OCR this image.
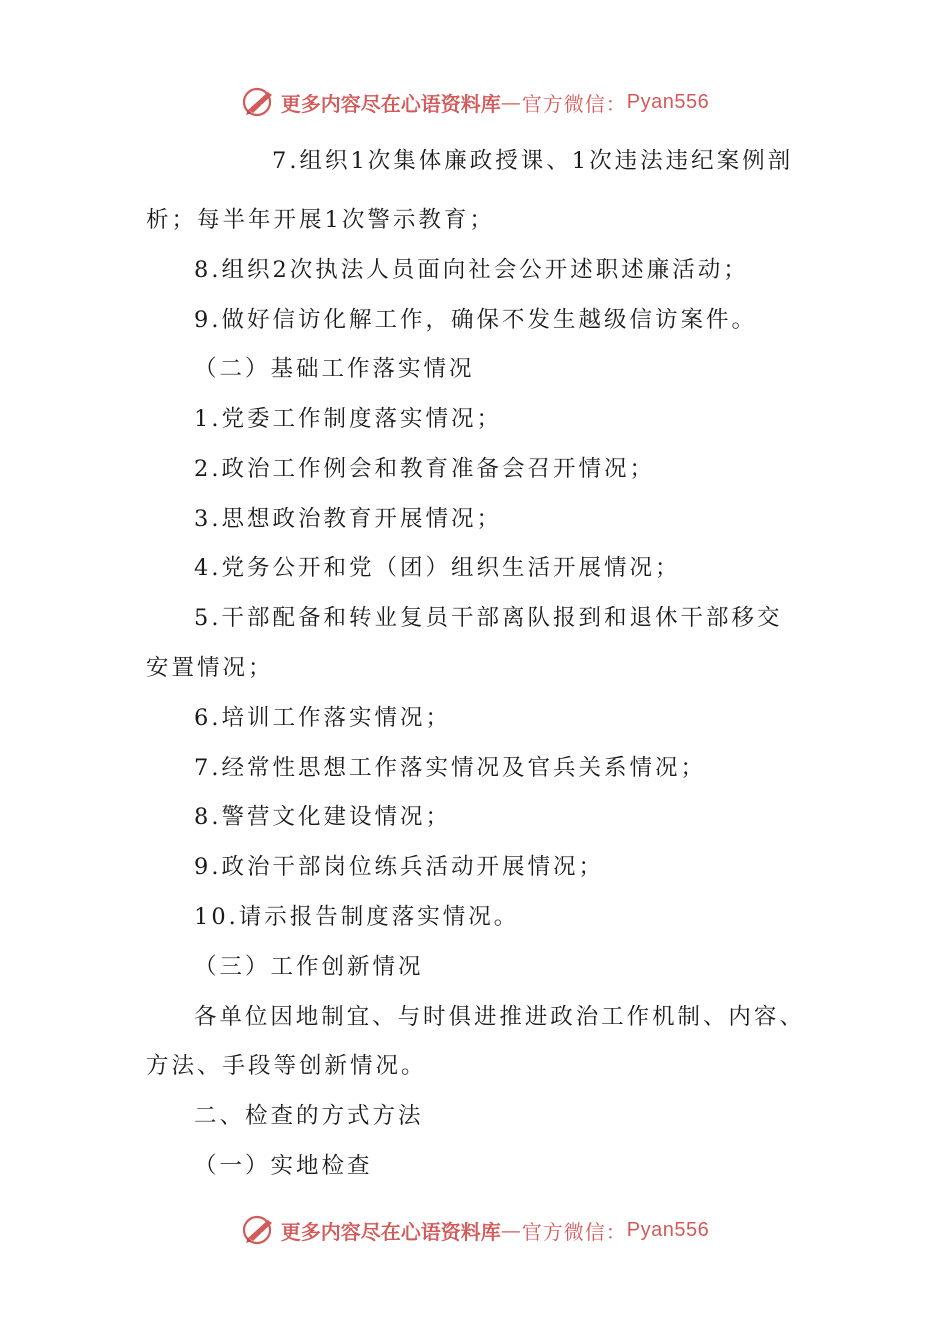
更多内容尽在心语资料库 — 官方微信： Pyan556
7.组织1次集体廉政授课、1次违法违纪案例剖
析；每半年开展1次警示教育；
8.组织2次执法人员面向社会公开述职述廉活动；
9.做好信访化解工作，确保不发生越级信访案件。
（二）基础工作落实情况
1.党委工作制度落实情况；
2.政治工作例会和教育准备会召开情况；
3.思想政治教育开展情况；
4.党务公开和党（团）组织生活开展情况；
5.干部配备和转业复员干部离队报到和退休干部移交
安置情况；
6.培训工作落实情况；
7.经常性思想工作落实情况及官兵关系情况；
8.警营文化建设情况；
9.政治干部岗位练兵活动开展情况；
10.请示报告制度落实情况。
（三）工作创新情况
各单位因地制宜、与时俱进推进政治工作机制、内容、
方法、手段等创新情况。
二、检查的方式方法
（一）实地检查
更多内容尽在心语资料库 — 官方微信： Pyan556
